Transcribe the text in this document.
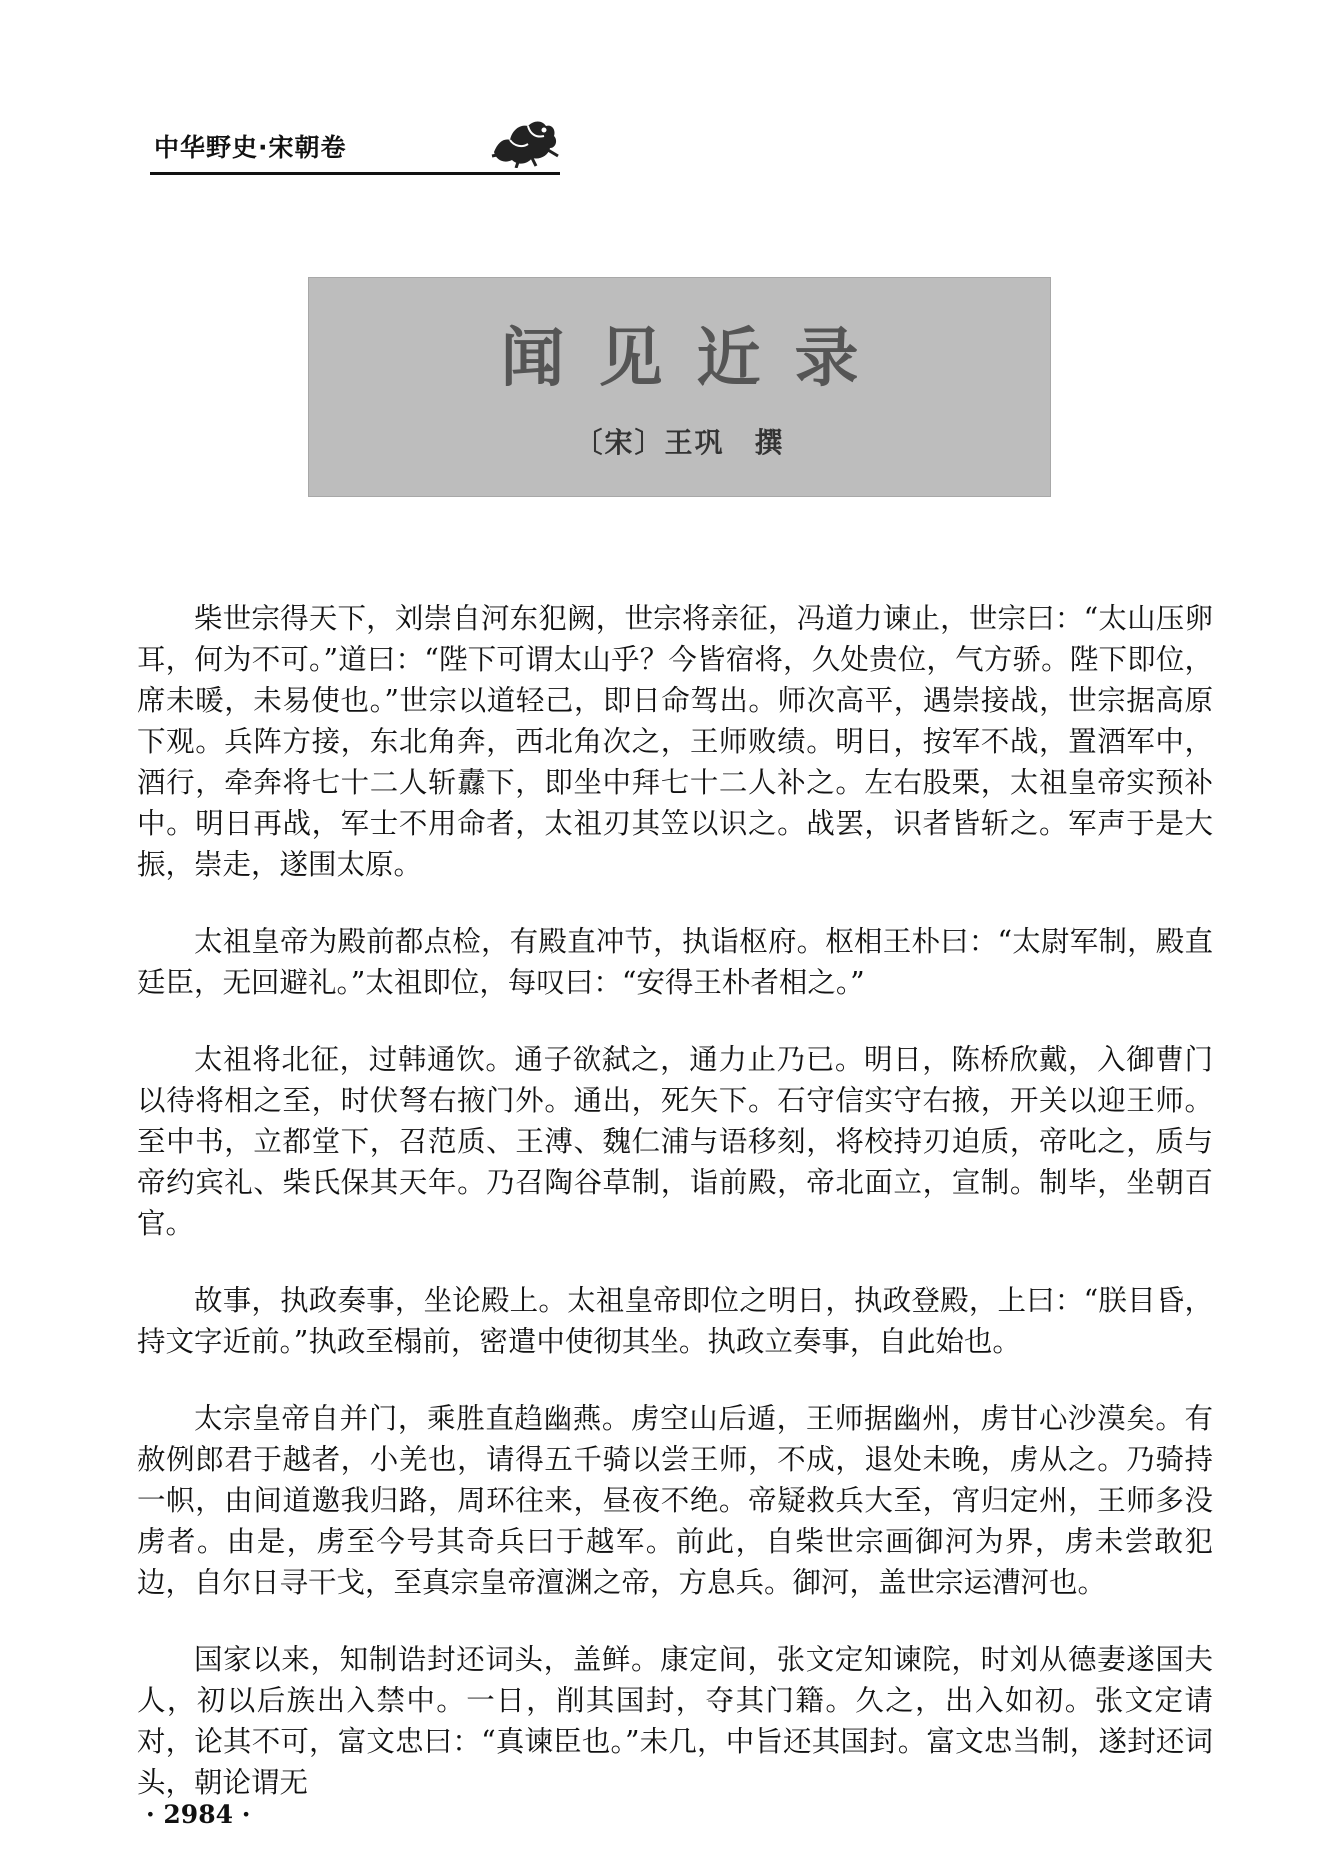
中华野史·宋朝卷
闻见近录
〔宋〕王巩　撰

柴世宗得天下，刘崇自河东犯阙，世宗将亲征，冯道力谏止，世宗曰：“太山压卵耳，何为不可。”道曰：“陛下可谓太山乎？今皆宿将，久处贵位，气方骄。陛下即位，席未暖，未易使也。”世宗以道轻己，即日命驾出。师次高平，遇崇接战，世宗据高原下观。兵阵方接，东北角奔，西北角次之，王师败绩。明日，按军不战，置酒军中，酒行，牵奔将七十二人斩纛下，即坐中拜七十二人补之。左右股栗，太祖皇帝实预补中。明日再战，军士不用命者，太祖刃其笠以识之。战罢，识者皆斩之。军声于是大振，崇走，遂围太原。

太祖皇帝为殿前都点检，有殿直冲节，执诣枢府。枢相王朴曰：“太尉军制，殿直廷臣，无回避礼。”太祖即位，每叹曰：“安得王朴者相之。”

太祖将北征，过韩通饮。通子欲弑之，通力止乃已。明日，陈桥欣戴，入御曹门以待将相之至，时伏弩右掖门外。通出，死矢下。石守信实守右掖，开关以迎王师。至中书，立都堂下，召范质、王溥、魏仁浦与语移刻，将校持刃迫质，帝叱之，质与帝约宾礼、柴氏保其天年。乃召陶谷草制，诣前殿，帝北面立，宣制。制毕，坐朝百官。

故事，执政奏事，坐论殿上。太祖皇帝即位之明日，执政登殿，上曰：“朕目昏，持文字近前。”执政至榻前，密遣中使彻其坐。执政立奏事，自此始也。

太宗皇帝自并门，乘胜直趋幽燕。虏空山后遁，王师据幽州，虏甘心沙漠矣。有赦例郎君于越者，小羌也，请得五千骑以尝王师，不成，退处未晚，虏从之。乃骑持一帜，由间道邀我归路，周环往来，昼夜不绝。帝疑救兵大至，宵归定州，王师多没虏者。由是，虏至今号其奇兵曰于越军。前此，自柴世宗画御河为界，虏未尝敢犯边，自尔日寻干戈，至真宗皇帝澶渊之帝，方息兵。御河，盖世宗运漕河也。

国家以来，知制诰封还词头，盖鲜。康定间，张文定知谏院，时刘从德妻遂国夫人，初以后族出入禁中。一日，削其国封，夺其门籍。久之，出入如初。张文定请对，论其不可，富文忠曰：“真谏臣也。”未几，中旨还其国封。富文忠当制，遂封还词头，朝论谓无

· 2984 ·
